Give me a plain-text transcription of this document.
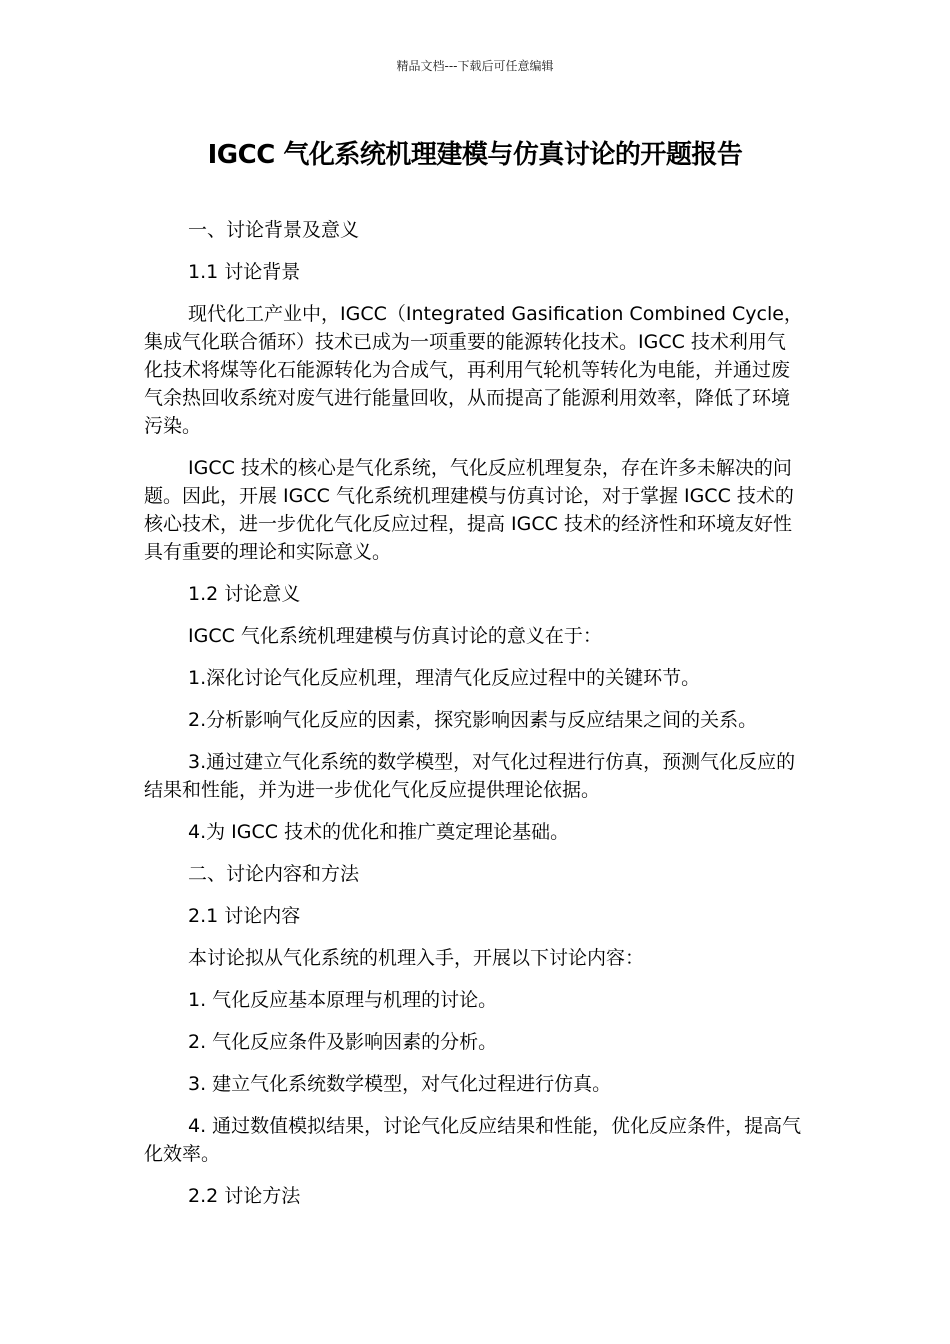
精品文档---下载后可任意编辑
IGCC 气化系统机理建模与仿真讨论的开题报告

一、讨论背景及意义

1.1 讨论背景

现代化工产业中，IGCC（Integrated Gasification Combined Cycle，集成气化联合循环）技术已成为一项重要的能源转化技术。IGCC 技术利用气化技术将煤等化石能源转化为合成气，再利用气轮机等转化为电能，并通过废气余热回收系统对废气进行能量回收，从而提高了能源利用效率，降低了环境污染。

IGCC 技术的核心是气化系统，气化反应机理复杂，存在许多未解决的问题。因此，开展 IGCC 气化系统机理建模与仿真讨论，对于掌握 IGCC 技术的核心技术，进一步优化气化反应过程，提高 IGCC 技术的经济性和环境友好性具有重要的理论和实际意义。

1.2 讨论意义

IGCC 气化系统机理建模与仿真讨论的意义在于：

1.深化讨论气化反应机理，理清气化反应过程中的关键环节。

2.分析影响气化反应的因素，探究影响因素与反应结果之间的关系。

3.通过建立气化系统的数学模型，对气化过程进行仿真，预测气化反应的结果和性能，并为进一步优化气化反应提供理论依据。

4.为 IGCC 技术的优化和推广奠定理论基础。

二、讨论内容和方法

2.1 讨论内容

本讨论拟从气化系统的机理入手，开展以下讨论内容：

1. 气化反应基本原理与机理的讨论。

2. 气化反应条件及影响因素的分析。

3. 建立气化系统数学模型，对气化过程进行仿真。

4. 通过数值模拟结果，讨论气化反应结果和性能，优化反应条件，提高气化效率。

2.2 讨论方法
